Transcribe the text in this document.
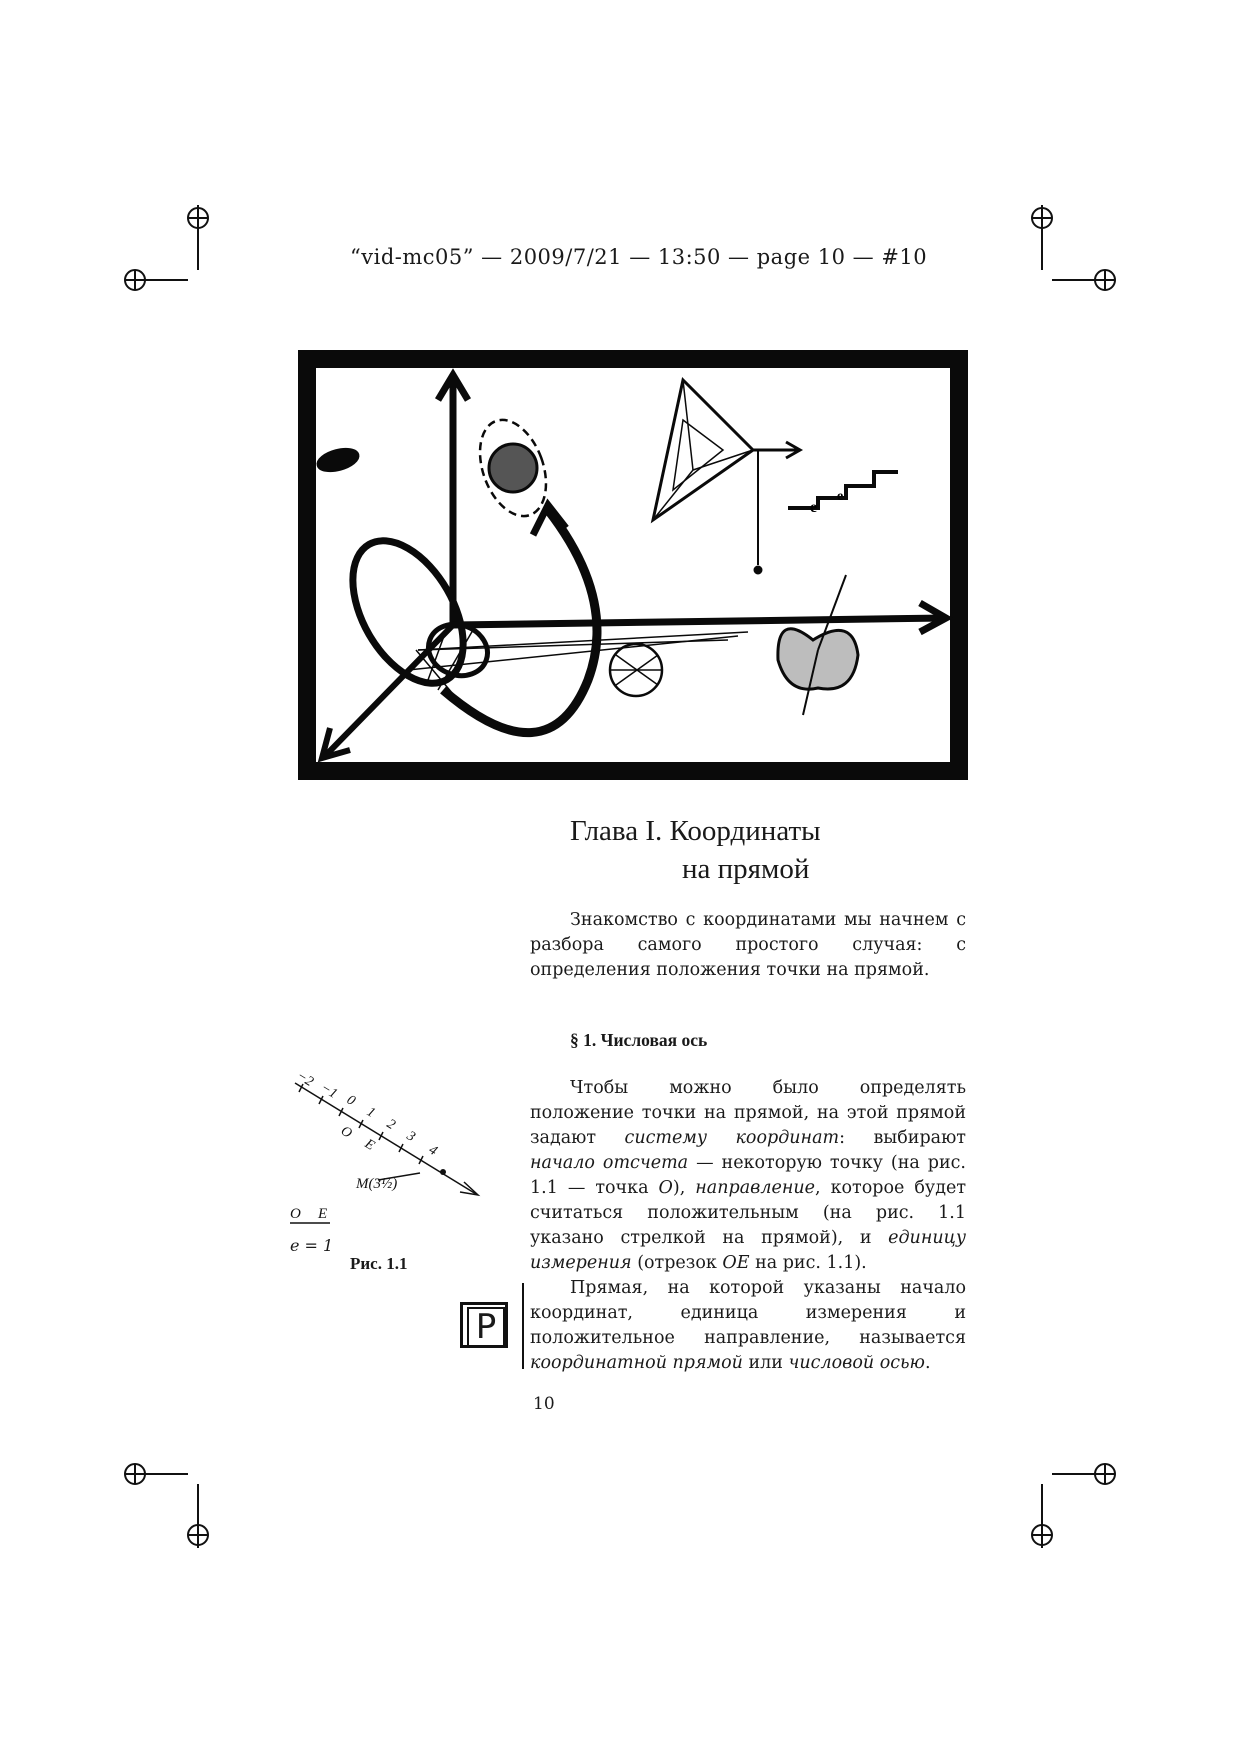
“vid-mc05” — 2009/7/21 — 13:50 — page 10 — #10
e
e
Глава I. Координаты
на прямой
Знакомство с координатами мы начнем с разбора самого простого случая: с определения положения точки на прямой.
§ 1. Числовая ось

Чтобы можно было определять положение точки на прямой, на этой прямой задают систему координат: выбирают начало отсчета — некоторую точку (на рис. 1.1 — точка O), направление, которое будет считаться положительным (на рис. 1.1 указано стрелкой на прямой), и единицу измерения (отрезок OE на рис. 1.1).

Прямая, на которой указаны начало координат, единица измерения и положительное направление, называется координатной прямой или числовой осью.

−2
−1 0
1
2
3
4
O
E
M(3½)
O E
e = 1
Рис. 1.1
P
10
